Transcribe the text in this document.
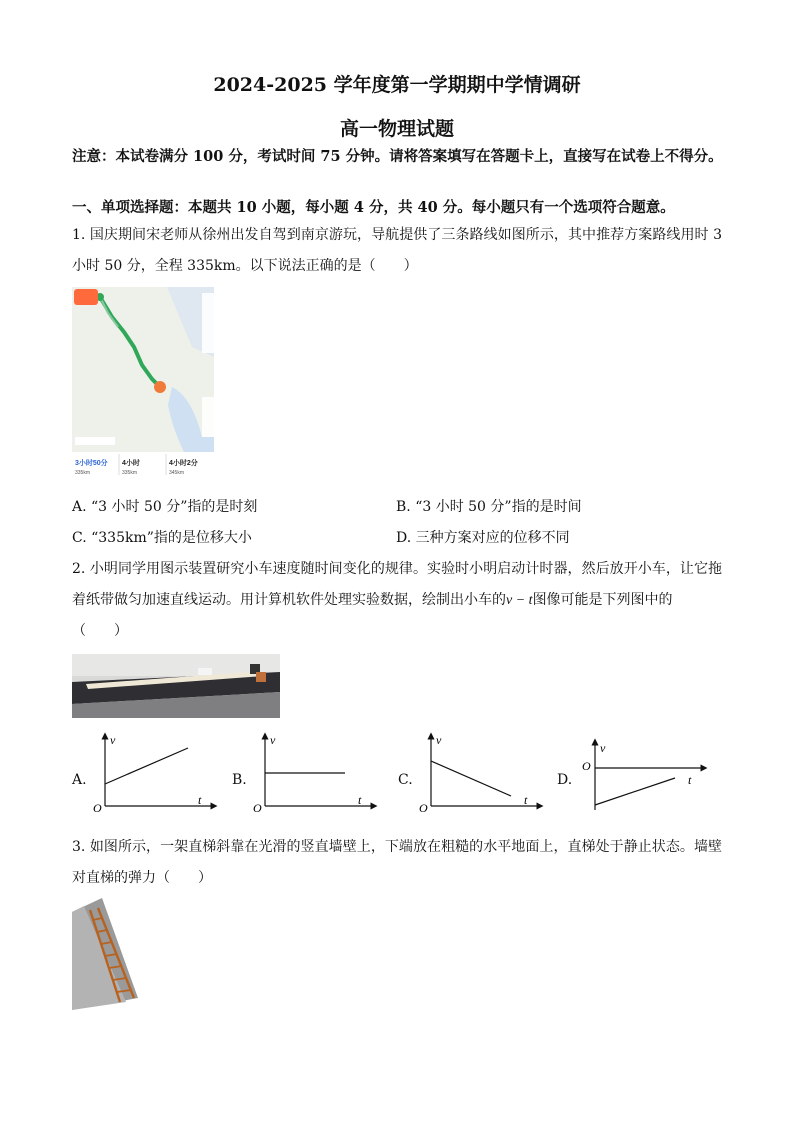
2024-2025 学年度第一学期期中学情调研
高一物理试题
注意：本试卷满分 100 分，考试时间 75 分钟。请将答案填写在答题卡上，直接写在试卷上不得分。
一、单项选择题：本题共 10 小题，每小题 4 分，共 40 分。每小题只有一个选项符合题意。
1. 国庆期间宋老师从徐州出发自驾到南京游玩，导航提供了三条路线如图所示，其中推荐方案路线用时 3 小时 50 分，全程 335km。以下说法正确的是（　　）
3小时50分 4小时	4小时2分
335km	335km	345km
A. “3 小时 50 分”指的是时刻	B. “3 小时 50 分”指的是时间
C. “335km”指的是位移大小	D. 三种方案对应的位移不同
2. 小明同学用图示装置研究小车速度随时间变化的规律。实验时小明启动计时器，然后放开小车，让它拖着纸带做匀加速直线运动。用计算机软件处理实验数据，绘制出小车的v − t图像可能是下列图中的
（　　）
A.
v
t
O
B.
v
t
O
C.
v
t
O
D.
v
t
O
3. 如图所示，一架直梯斜靠在光滑的竖直墙壁上，下端放在粗糙的水平地面上，直梯处于静止状态。墙壁对直梯的弹力（　　）
